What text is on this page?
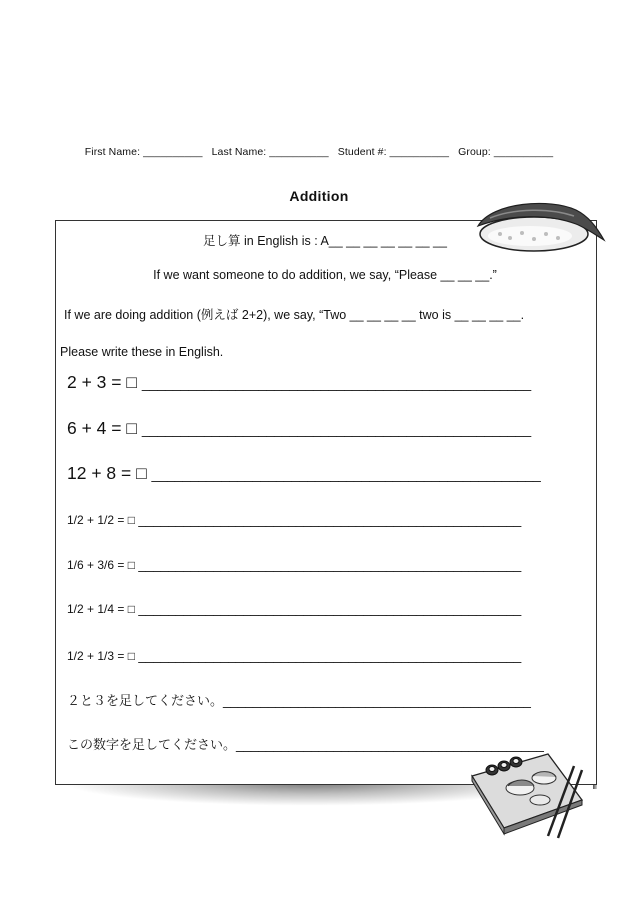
First Name: __________ Last Name: __________ Student #: __________ Group: __________
Addition
足し算 in English is : A__ __ __ __ __ __ __
If we want someone to do addition, we say, “Please __ __ __.”
If we are doing addition (例えば 2+2), we say, “Two __ __ __ __ two is __ __ __ __.
Please write these in English.
2 + 3 = □ __________________________________________________
6 + 4 = □ __________________________________________________
12 + 8 = □ __________________________________________________
1/2 + 1/2 = □ ___________________________________________________
1/6 + 3/6 = □ ___________________________________________________
1/2 + 1/4 = □ ___________________________________________________
1/2 + 1/3 = □ ___________________________________________________
２と３を足してください。_________________________________________
この数字を足してください。_________________________________________
